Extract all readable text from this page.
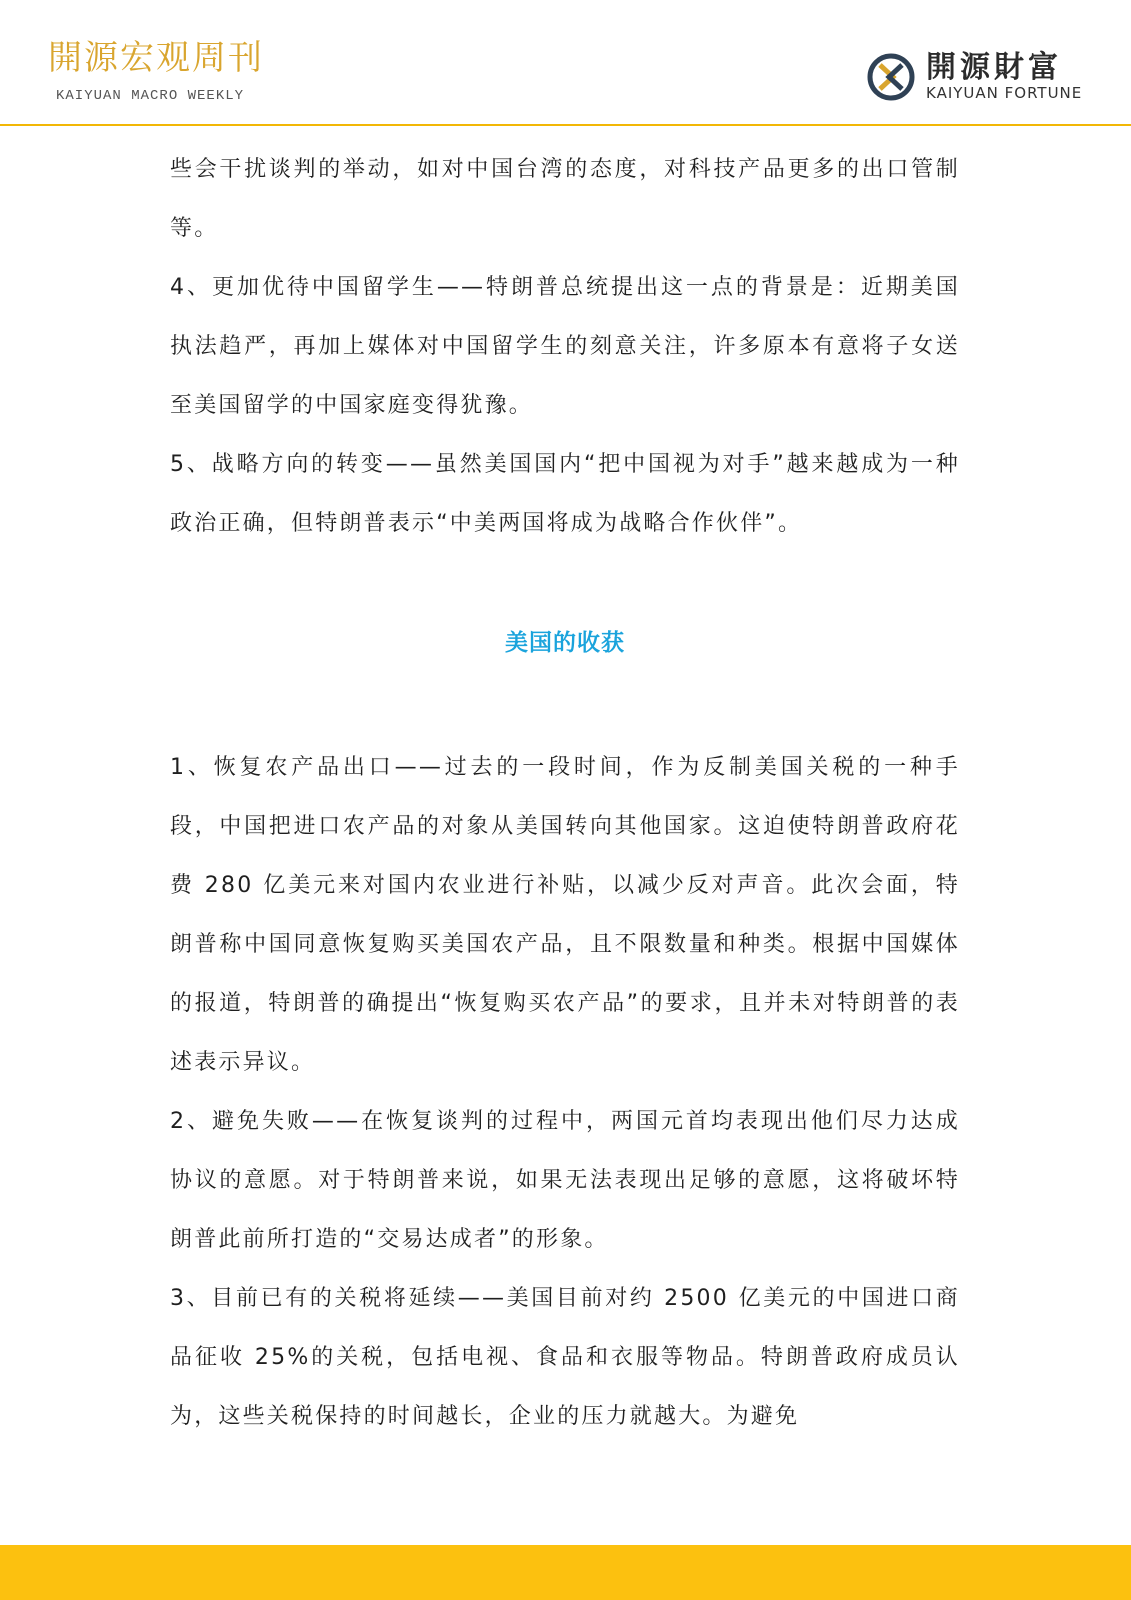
開源宏观周刊
KAIYUAN MACRO WEEKLY
開源財富
KAIYUAN FORTUNE

些会干扰谈判的举动，如对中国台湾的态度，对科技产品更多的出口管制等。

4、更加优待中国留学生——特朗普总统提出这一点的背景是：近期美国执法趋严，再加上媒体对中国留学生的刻意关注，许多原本有意将子女送至美国留学的中国家庭变得犹豫。

5、战略方向的转变——虽然美国国内“把中国视为对手”越来越成为一种政治正确，但特朗普表示“中美两国将成为战略合作伙伴”。

美国的收获

1、恢复农产品出口——过去的一段时间，作为反制美国关税的一种手段，中国把进口农产品的对象从美国转向其他国家。这迫使特朗普政府花费 280 亿美元来对国内农业进行补贴，以减少反对声音。此次会面，特朗普称中国同意恢复购买美国农产品，且不限数量和种类。根据中国媒体的报道，特朗普的确提出“恢复购买农产品”的要求，且并未对特朗普的表述表示异议。

2、避免失败——在恢复谈判的过程中，两国元首均表现出他们尽力达成协议的意愿。对于特朗普来说，如果无法表现出足够的意愿，这将破坏特朗普此前所打造的“交易达成者”的形象。

3、目前已有的关税将延续——美国目前对约 2500 亿美元的中国进口商品征收 25%的关税，包括电视、食品和衣服等物品。特朗普政府成员认为，这些关税保持的时间越长，企业的压力就越大。为避免
